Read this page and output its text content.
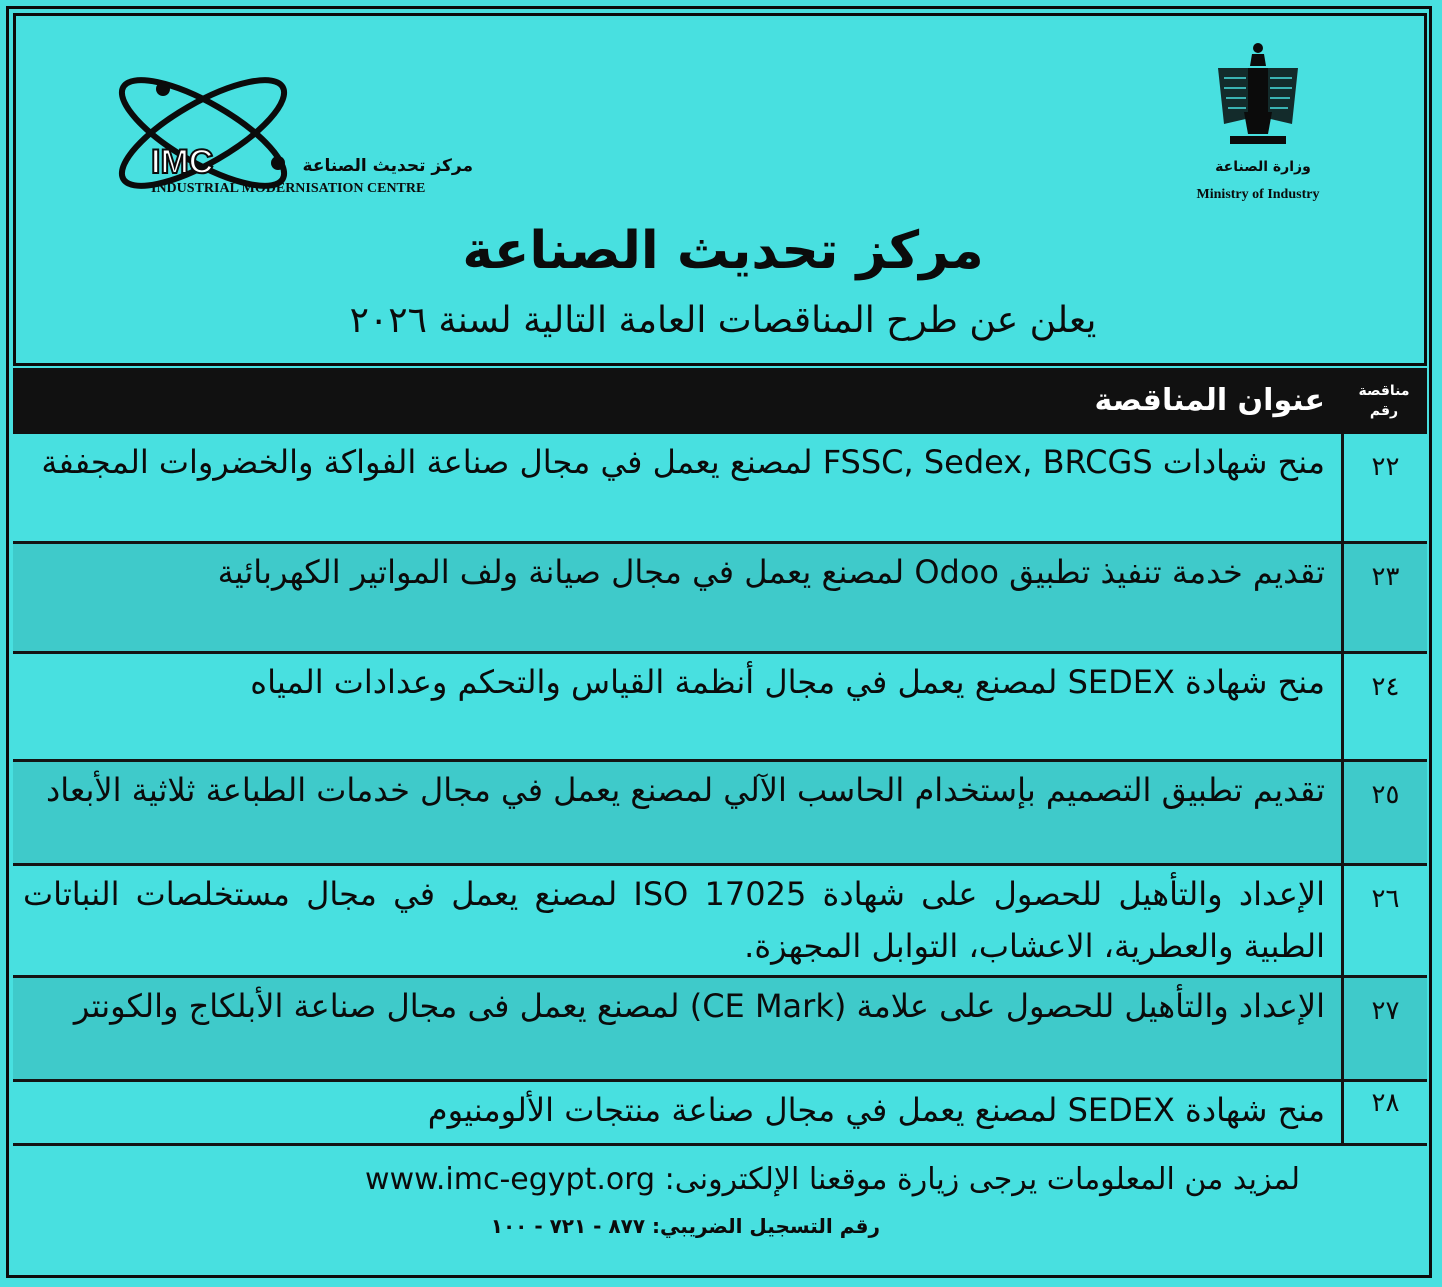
وزارة الصناعة
Ministry of Industry
IMC	مركز تحديث الصناعة
INDUSTRIAL MODERNISATION CENTRE
مركز تحديث الصناعة
يعلن عن طرح المناقصات العامة التالية لسنة ٢٠٢٦
مناقصة
رقم
عنوان المناقصة
٢٢
منح شهادات FSSC, Sedex, BRCGS لمصنع يعمل في مجال صناعة الفواكة والخضروات المجففة
٢٣
تقديم خدمة تنفيذ تطبيق Odoo لمصنع يعمل في مجال صيانة ولف المواتير الكهربائية
٢٤
منح شهادة SEDEX لمصنع يعمل في مجال أنظمة القياس والتحكم وعدادات المياه
٢٥
تقديم تطبيق التصميم بإستخدام الحاسب الآلي لمصنع يعمل في مجال خدمات الطباعة ثلاثية الأبعاد
٢٦
الإعداد والتأهيل للحصول على شهادة ISO 17025 لمصنع يعمل في مجال مستخلصات النباتات الطبية والعطرية، الاعشاب، التوابل المجهزة.
٢٧
الإعداد والتأهيل للحصول على علامة (CE Mark) لمصنع يعمل فى مجال صناعة الأبلكاج والكونتر
٢٨
منح شهادة SEDEX لمصنع يعمل في مجال صناعة منتجات الألومنيوم
لمزيد من المعلومات يرجى زيارة موقعنا الإلكترونى: www.imc-egypt.org
رقم التسجيل الضريبي: ٨٧٧ - ٧٢١ - ١٠٠
